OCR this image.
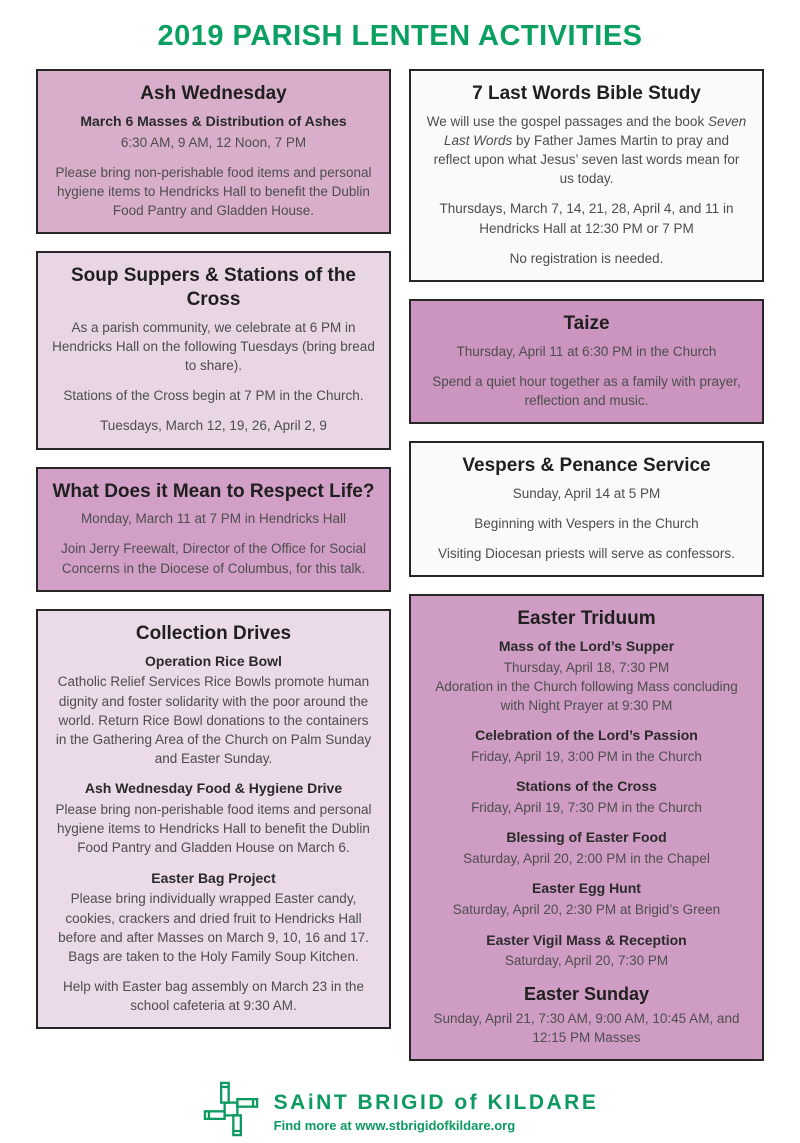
2019 PARISH LENTEN ACTIVITIES
Ash Wednesday

March 6 Masses & Distribution of Ashes

6:30 AM, 9 AM, 12 Noon, 7 PM

Please bring non-perishable food items and personal hygiene items to Hendricks Hall to benefit the Dublin Food Pantry and Gladden House.

Soup Suppers & Stations of the Cross

As a parish community, we celebrate at 6 PM in Hendricks Hall on the following Tuesdays (bring bread to share).

Stations of the Cross begin at 7 PM in the Church.

Tuesdays, March 12, 19, 26, April 2, 9

What Does it Mean to Respect Life?

Monday, March 11 at 7 PM in Hendricks Hall

Join Jerry Freewalt, Director of the Office for Social Concerns in the Diocese of Columbus, for this talk.

Collection Drives

Operation Rice Bowl

Catholic Relief Services Rice Bowls promote human dignity and foster solidarity with the poor around the world. Return Rice Bowl donations to the containers in the Gathering Area of the Church on Palm Sunday and Easter Sunday.

Ash Wednesday Food & Hygiene Drive

Please bring non-perishable food items and personal hygiene items to Hendricks Hall to benefit the Dublin Food Pantry and Gladden House on March 6.

Easter Bag Project

Please bring individually wrapped Easter candy, cookies, crackers and dried fruit to Hendricks Hall before and after Masses on March 9, 10, 16 and 17. Bags are taken to the Holy Family Soup Kitchen.

Help with Easter bag assembly on March 23 in the school cafeteria at 9:30 AM.

7 Last Words Bible Study

We will use the gospel passages and the book Seven Last Words by Father James Martin to pray and reflect upon what Jesus’ seven last words mean for us today.

Thursdays, March 7, 14, 21, 28, April 4, and 11 in Hendricks Hall at 12:30 PM or 7 PM

No registration is needed.

Taize

Thursday, April 11 at 6:30 PM in the Church

Spend a quiet hour together as a family with prayer, reflection and music.

Vespers & Penance Service

Sunday, April 14 at 5 PM

Beginning with Vespers in the Church

Visiting Diocesan priests will serve as confessors.

Easter Triduum

Mass of the Lord’s Supper

Thursday, April 18, 7:30 PM

Adoration in the Church following Mass concluding with Night Prayer at 9:30 PM

Celebration of the Lord’s Passion

Friday, April 19, 3:00 PM in the Church

Stations of the Cross

Friday, April 19, 7:30 PM in the Church

Blessing of Easter Food

Saturday, April 20, 2:00 PM in the Chapel

Easter Egg Hunt

Saturday, April 20, 2:30 PM at Brigid’s Green

Easter Vigil Mass & Reception

Saturday, April 20, 7:30 PM

Easter Sunday

Sunday, April 21, 7:30 AM, 9:00 AM, 10:45 AM, and 12:15 PM Masses

SAiNT BRIGID of KILDARE
Find more at www.stbrigidofkildare.org
